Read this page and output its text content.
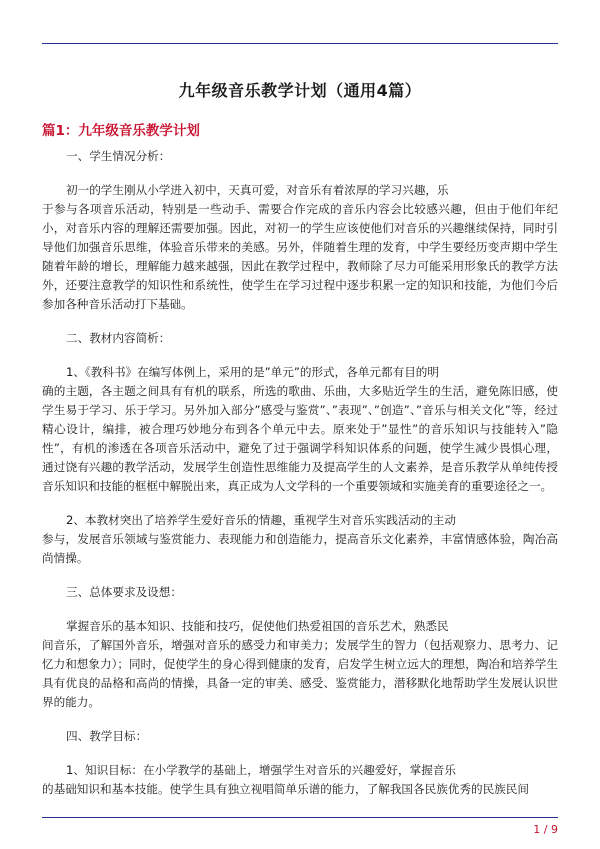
九年级音乐教学计划（通用4篇）
篇1：九年级音乐教学计划

一、学生情况分析：

初一的学生刚从小学进入初中，天真可爱，对音乐有着浓厚的学习兴趣，乐
于参与各项音乐活动，特别是一些动手、需要合作完成的音乐内容会比较感兴趣，但由于他们年纪小，对音乐内容的理解还需要加强。因此，对初一的学生应该使他们对音乐的兴趣继续保持，同时引导他们加强音乐思维，体验音乐带来的美感。另外，伴随着生理的发育，中学生要经历变声期中学生随着年龄的增长，理解能力越来越强，因此在教学过程中，教师除了尽力可能采用形象氏的教学方法外，还要注意教学的知识性和系统性，使学生在学习过程中逐步积累一定的知识和技能，为他们今后参加各种音乐活动打下基础。

二、教材内容简析：

1、《教科书》在编写体例上，采用的是”单元”的形式，各单元都有目的明
确的主题，各主题之间具有有机的联系，所选的歌曲、乐曲，大多贴近学生的生活，避免陈旧感，使学生易于学习、乐于学习。另外加入部分”感受与鉴赏”、”表现”、”创造”、”音乐与相关文化”等，经过精心设计，编排，被合理巧妙地分布到各个单元中去。原来处于”显性”的音乐知识与技能转入”隐性”，有机的渗透在各项音乐活动中，避免了过于强调学科知识体系的问题，使学生减少畏惧心理，通过饶有兴趣的教学活动，发展学生创造性思维能力及提高学生的人文素养，是音乐教学从单纯传授音乐知识和技能的框框中解脱出来，真正成为人文学科的一个重要领域和实施美育的重要途径之一。

2、本教材突出了培养学生爱好音乐的情趣，重视学生对音乐实践活动的主动
参与，发展音乐领域与鉴赏能力、表现能力和创造能力，提高音乐文化素养，丰富情感体验，陶冶高尚情操。

三、总体要求及设想：

掌握音乐的基本知识、技能和技巧，促使他们热爱祖国的音乐艺术，熟悉民
间音乐，了解国外音乐，增强对音乐的感受力和审美力；发展学生的智力（包括观察力、思考力、记忆力和想象力）；同时，促使学生的身心得到健康的发育，启发学生树立远大的理想，陶冶和培养学生具有优良的品格和高尚的情操，具备一定的审美、感受、鉴赏能力，潜移默化地帮助学生发展认识世界的能力。

四、教学目标：

1、知识目标：在小学教学的基础上，增强学生对音乐的兴趣爱好，掌握音乐
的基础知识和基本技能。使学生具有独立视唱简单乐谱的能力，了解我国各民族优秀的民族民间

1 / 9
